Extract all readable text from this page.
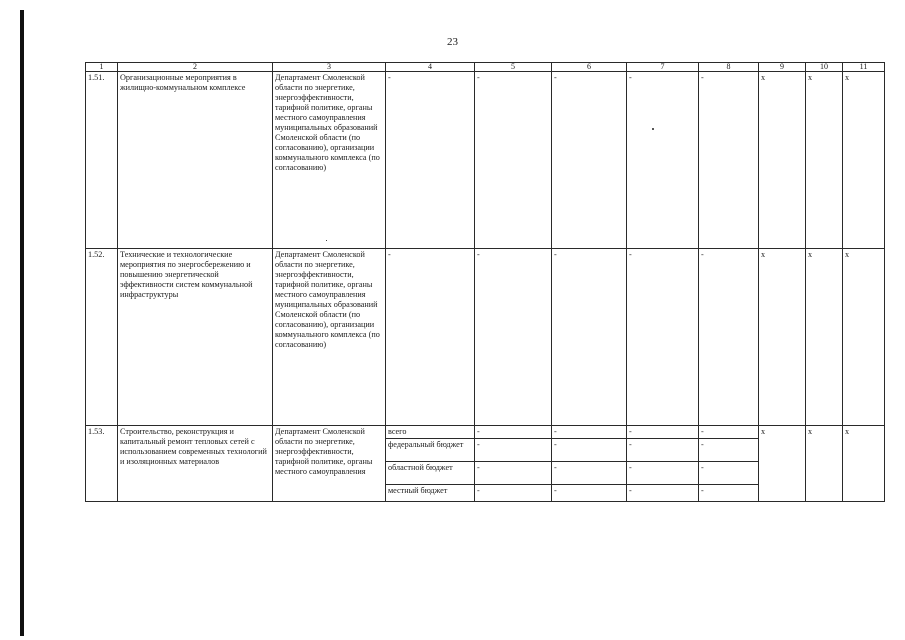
23
1	2	3	4	5	6	7	8	9	10	11
1.51.	Организационные мероприятия в жилищно-коммунальном комплексе	Департамент Смоленской области по энергетике, энергоэффективности, тарифной политике, органы местного самоуправления муниципальных образований Смоленской области (по согласованию), организации коммунального комплекса (по согласованию)	-	-	-	-	-	х	х	х
1.52.	Технические и технологические мероприятия по энергосбережению и повышению энергетической эффективности систем коммунальной инфраструктуры	Департамент Смоленской области по энергетике, энергоэффективности, тарифной политике, органы местного самоуправления муниципальных образований Смоленской области (по согласованию), организации коммунального комплекса (по согласованию)	-	-	-	-	-	х	х	х
1.53.	Строительство, реконструкция и капитальный ремонт тепловых сетей с использованием современных технологий и изоляционных материалов	Департамент Смоленской области по энергетике, энергоэффективности, тарифной политике, органы местного самоуправления	всего	-	-	-	-	х	х	х
			федеральный бюджет	-	-	-	-			
			областной бюджет	-	-	-	-			
			местный бюджет	-	-	-	-			
